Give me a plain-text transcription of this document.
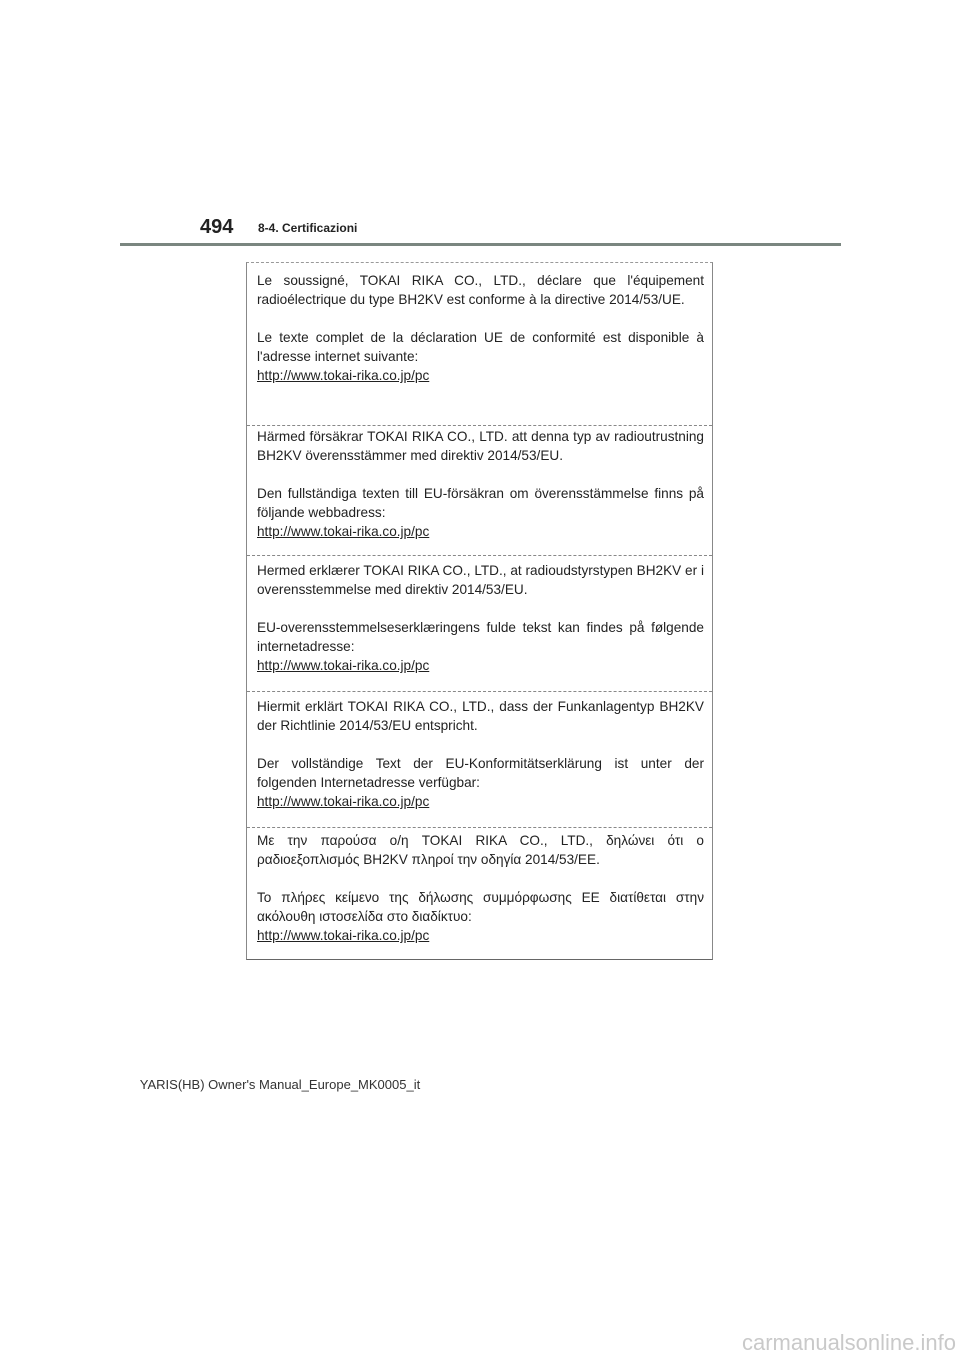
494 8-4. Certificazioni

Le soussigné, TOKAI RIKA CO., LTD., déclare que l'équipement radioélectrique du type BH2KV est conforme à la directive 2014/53/UE.

Le texte complet de la déclaration UE de conformité est disponible à l'adresse internet suivante:

http://www.tokai-rika.co.jp/pc

Härmed försäkrar TOKAI RIKA CO., LTD. att denna typ av radioutrustning BH2KV överensstämmer med direktiv 2014/53/EU.

Den fullständiga texten till EU-försäkran om överensstämmelse finns på följande webbadress:

http://www.tokai-rika.co.jp/pc

Hermed erklærer TOKAI RIKA CO., LTD., at radioudstyrstypen BH2KV er i overensstemmelse med direktiv 2014/53/EU.

EU-overensstemmelseserklæringens fulde tekst kan findes på følgende internetadresse:

http://www.tokai-rika.co.jp/pc

Hiermit erklärt TOKAI RIKA CO., LTD., dass der Funkanlagentyp BH2KV der Richtlinie 2014/53/EU entspricht.

Der vollständige Text der EU-Konformitätserklärung ist unter der folgenden Internetadresse verfügbar:

http://www.tokai-rika.co.jp/pc

Με την παρούσα ο/η TOKAI RIKA CO., LTD., δηλώνει ότι ο ραδιοεξοπλισμός BH2KV πληροί την οδηγία 2014/53/ΕΕ.

Το πλήρες κείμενο της δήλωσης συμμόρφωσης ΕΕ διατίθεται στην ακόλουθη ιστοσελίδα στο διαδίκτυο:

http://www.tokai-rika.co.jp/pc

YARIS(HB) Owner's Manual_Europe_MK0005_it
carmanualsonline.info
